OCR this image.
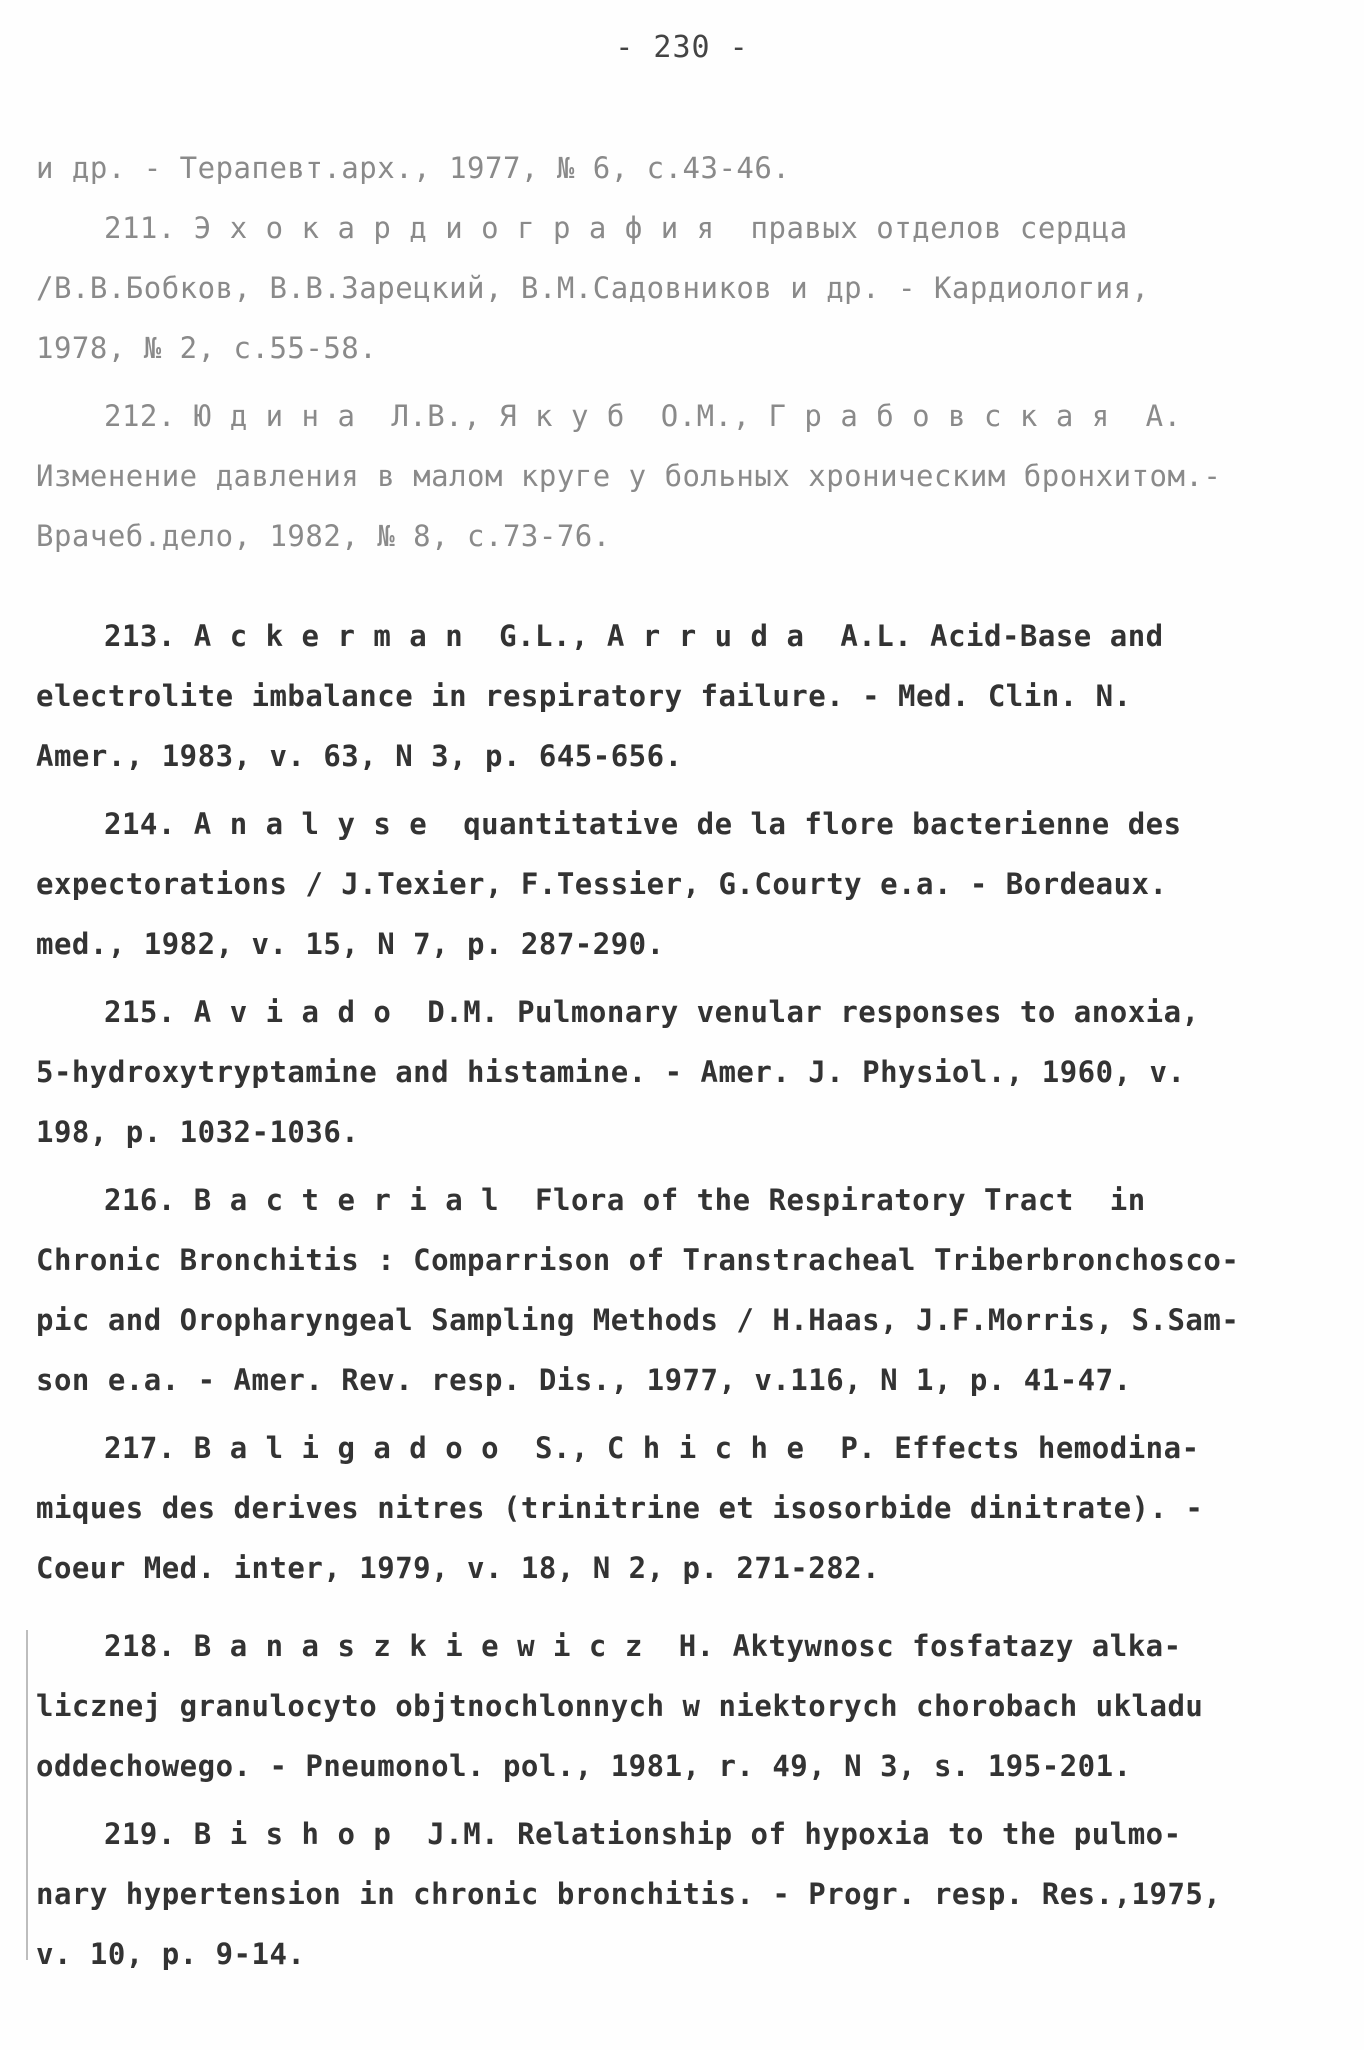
- 230 -
и др. - Терапевт.арх., 1977, № 6, с.43-46.
211. Э х о к а р д и о г р а ф и я  правых отделов сердца
/В.В.Бобков, В.В.Зарецкий, В.М.Садовников и др. - Кардиология,
1978, № 2, с.55-58.
212. Ю д и н а  Л.В., Я к у б  О.М., Г р а б о в с к а я  А.
Изменение давления в малом круге у больных хроническим бронхитом.-
Врачеб.дело, 1982, № 8, с.73-76.
213. A c k e r m a n  G.L., A r r u d a  A.L. Acid-Base and
electrolite imbalance in respiratory failure. - Med. Clin. N.
Amer., 1983, v. 63, N 3, p. 645-656.
214. A n a l y s e  quantitative de la flore bacterienne des
expectorations / J.Texier, F.Tessier, G.Courty e.a. - Bordeaux.
med., 1982, v. 15, N 7, p. 287-290.
215. A v i a d o  D.M. Pulmonary venular responses to anoxia,
5-hydroxytryptamine and histamine. - Amer. J. Physiol., 1960, v.
198, p. 1032-1036.
216. B a c t e r i a l  Flora of the Respiratory Tract  in
Chronic Bronchitis : Comparrison of Transtracheal Triberbronchosco-
pic and Oropharyngeal Sampling Methods / H.Haas, J.F.Morris, S.Sam-
son e.a. - Amer. Rev. resp. Dis., 1977, v.116, N 1, p. 41-47.
217. B a l i g a d o o  S., C h i c h e  P. Effects hemodina-
miques des derives nitres (trinitrine et isosorbide dinitrate). -
Coeur Med. inter, 1979, v. 18, N 2, p. 271-282.
218. B a n a s z k i e w i c z  H. Aktywnosc fosfatazy alka-
licznej granulocyto objtnochlonnych w niektorych chorobach ukladu
oddechowego. - Pneumonol. pol., 1981, r. 49, N 3, s. 195-201.
219. B i s h o p  J.M. Relationship of hypoxia to the pulmo-
nary hypertension in chronic bronchitis. - Progr. resp. Res.,1975,
v. 10, p. 9-14.
